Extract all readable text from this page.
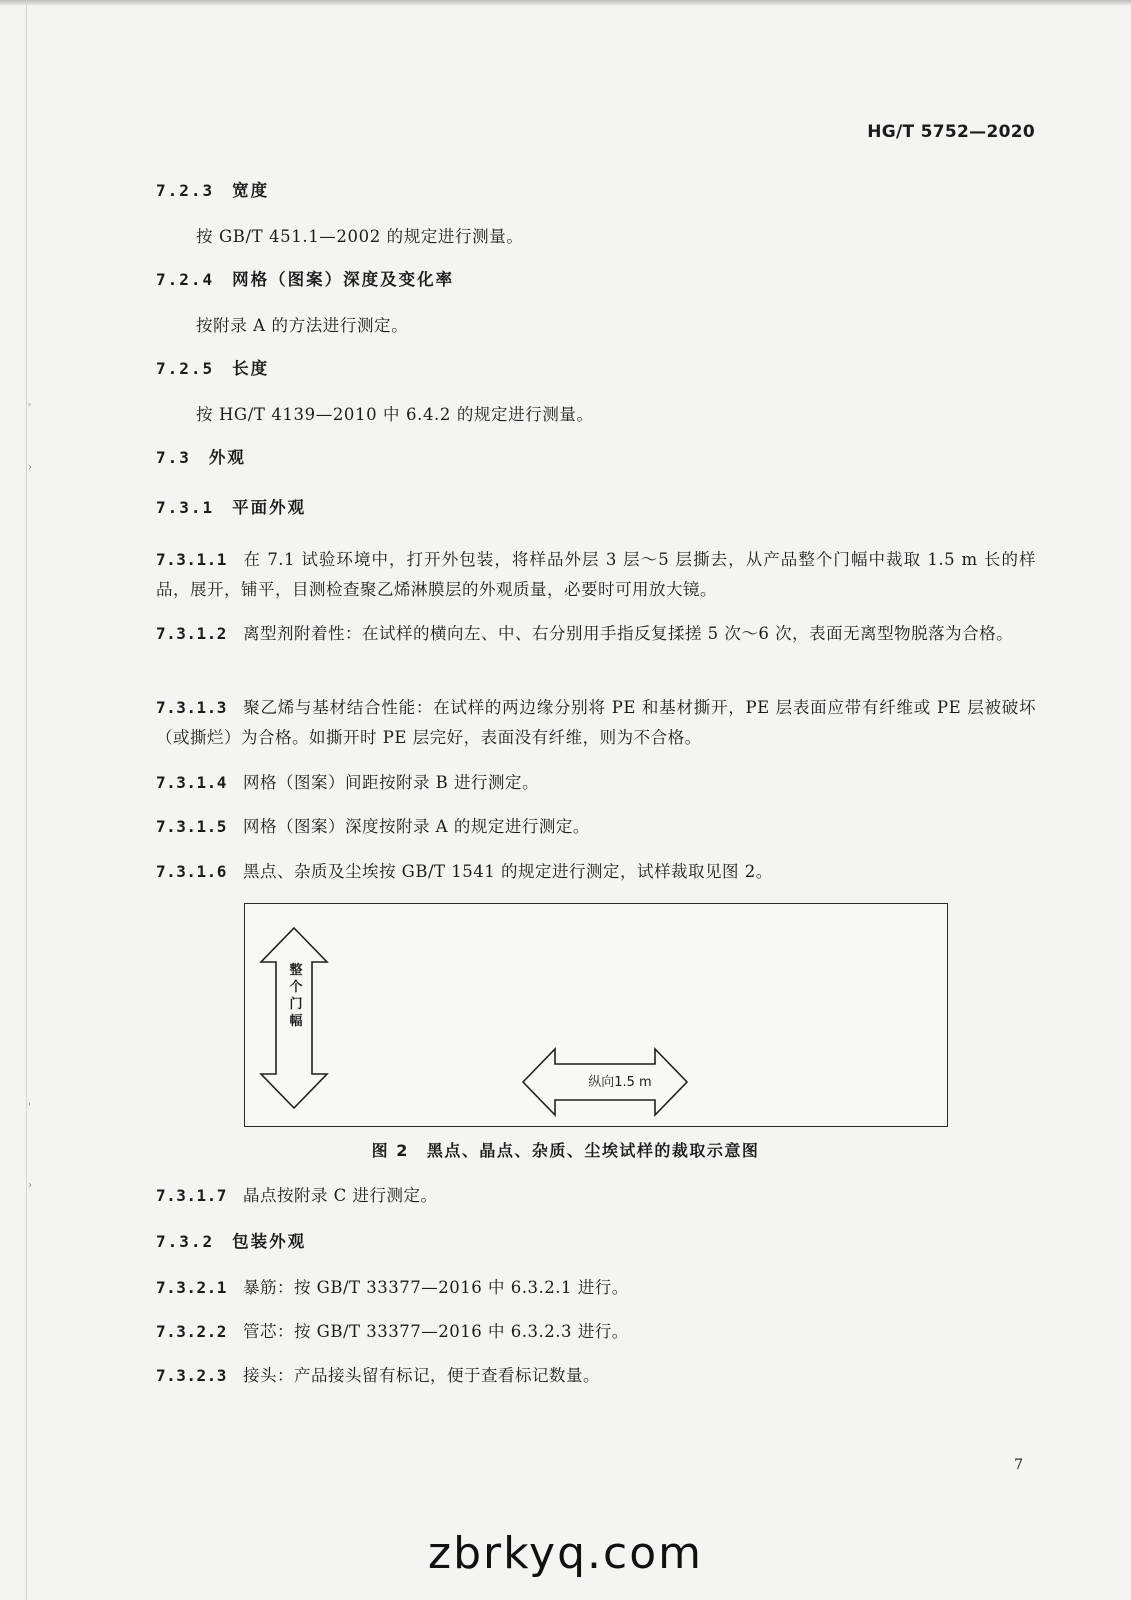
ﾟ
›
'
›
HG/T 5752—2020
7.2.3 宽度
按 GB/T 451.1—2002 的规定进行测量。
7.2.4 网格（图案）深度及变化率
按附录 A 的方法进行测定。
7.2.5 长度
按 HG/T 4139—2010 中 6.4.2 的规定进行测量。
7.3 外观
7.3.1 平面外观
7.3.1.1 在 7.1 试验环境中，打开外包装，将样品外层 3 层～5 层撕去，从产品整个门幅中裁取 1.5 m 长的样品，展开，铺平，目测检查聚乙烯淋膜层的外观质量，必要时可用放大镜。
7.3.1.2 离型剂附着性：在试样的横向左、中、右分别用手指反复揉搓 5 次～6 次，表面无离型物脱落为合格。
7.3.1.3 聚乙烯与基材结合性能：在试样的两边缘分别将 PE 和基材撕开，PE 层表面应带有纤维或 PE 层被破坏（或撕烂）为合格。如撕开时 PE 层完好，表面没有纤维，则为不合格。
7.3.1.4 网格（图案）间距按附录 B 进行测定。
7.3.1.5 网格（图案）深度按附录 A 的规定进行测定。
7.3.1.6 黑点、杂质及尘埃按 GB/T 1541 的规定进行测定，试样裁取见图 2。
7.3.1.7 晶点按附录 C 进行测定。
7.3.2 包装外观
7.3.2.1 暴筋：按 GB/T 33377—2016 中 6.3.2.1 进行。
7.3.2.2 管芯：按 GB/T 33377—2016 中 6.3.2.3 进行。
7.3.2.3 接头：产品接头留有标记，便于查看标记数量。
整
个
门
幅
纵向1.5 m
图 2 黑点、晶点、杂质、尘埃试样的裁取示意图
7
zbrkyq.com
